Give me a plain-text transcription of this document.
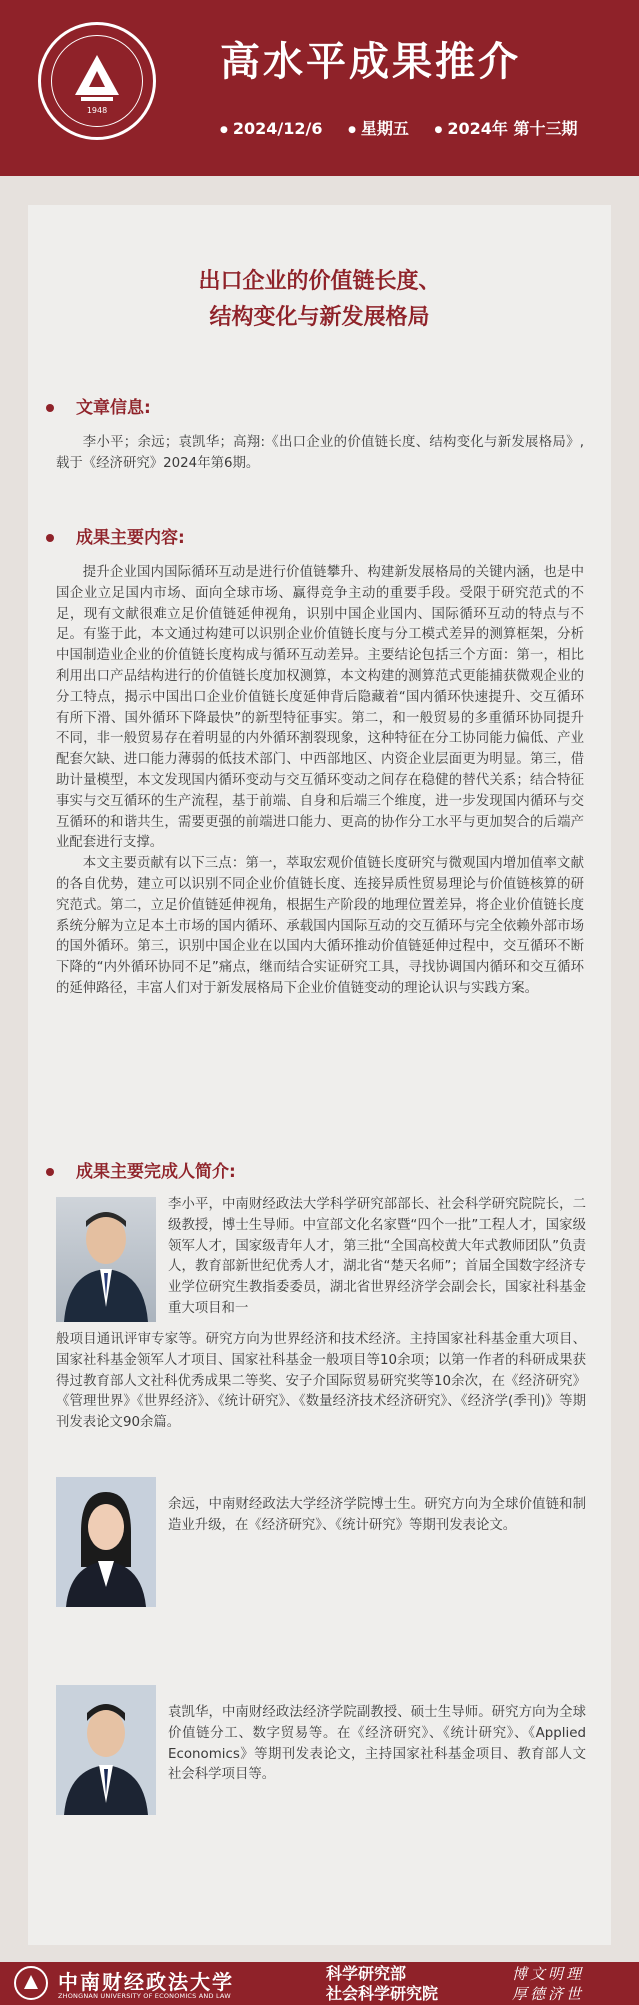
1948
高水平成果推介
● 2024/12/6 ● 星期五 ● 2024年 第十三期
出口企业的价值链长度、
结构变化与新发展格局
文章信息:

李小平；余远；袁凯华；高翔:《出口企业的价值链长度、结构变化与新发展格局》,载于《经济研究》2024年第6期。

成果主要内容:

提升企业国内国际循环互动是进行价值链攀升、构建新发展格局的关键内涵，也是中国企业立足国内市场、面向全球市场、赢得竞争主动的重要手段。受限于研究范式的不足，现有文献很难立足价值链延伸视角，识别中国企业国内、国际循环互动的特点与不足。有鉴于此，本文通过构建可以识别企业价值链长度与分工模式差异的测算框架，分析中国制造业企业的价值链长度构成与循环互动差异。主要结论包括三个方面：第一，相比利用出口产品结构进行的价值链长度加权测算，本文构建的测算范式更能捕获微观企业的分工特点，揭示中国出口企业价值链长度延伸背后隐藏着“国内循环快速提升、交互循环有所下滑、国外循环下降最快”的新型特征事实。第二，和一般贸易的多重循环协同提升不同，非一般贸易存在着明显的内外循环割裂现象，这种特征在分工协同能力偏低、产业配套欠缺、进口能力薄弱的低技术部门、中西部地区、内资企业层面更为明显。第三，借助计量模型，本文发现国内循环变动与交互循环变动之间存在稳健的替代关系；结合特征事实与交互循环的生产流程，基于前端、自身和后端三个维度，进一步发现国内循环与交互循环的和谐共生，需要更强的前端进口能力、更高的协作分工水平与更加契合的后端产业配套进行支撑。

本文主要贡献有以下三点：第一，萃取宏观价值链长度研究与微观国内增加值率文献的各自优势，建立可以识别不同企业价值链长度、连接异质性贸易理论与价值链核算的研究范式。第二，立足价值链延伸视角，根据生产阶段的地理位置差异，将企业价值链长度系统分解为立足本土市场的国内循环、承载国内国际互动的交互循环与完全依赖外部市场的国外循环。第三，识别中国企业在以国内大循环推动价值链延伸过程中，交互循环不断下降的“内外循环协同不足”痛点，继而结合实证研究工具，寻找协调国内循环和交互循环的延伸路径，丰富人们对于新发展格局下企业价值链变动的理论认识与实践方案。

成果主要完成人简介:
李小平，中南财经政法大学科学研究部部长、社会科学研究院院长，二级教授，博士生导师。中宣部文化名家暨“四个一批”工程人才，国家级领军人才，国家级青年人才，第三批“全国高校黄大年式教师团队”负责人，教育部新世纪优秀人才，湖北省“楚天名师”；首届全国数字经济专业学位研究生教指委委员，湖北省世界经济学会副会长，国家社科基金重大项目和一
般项目通讯评审专家等。研究方向为世界经济和技术经济。主持国家社科基金重大项目、国家社科基金领军人才项目、国家社科基金一般项目等10余项；以第一作者的科研成果获得过教育部人文社科优秀成果二等奖、安子介国际贸易研究奖等10余次，在《经济研究》《管理世界》《世界经济》、《统计研究》、《数量经济技术经济研究》、《经济学(季刊)》等期刊发表论文90余篇。
余远，中南财经政法大学经济学院博士生。研究方向为全球价值链和制造业升级，在《经济研究》、《统计研究》等期刊发表论文。
袁凯华，中南财经政法经济学院副教授、硕士生导师。研究方向为全球价值链分工、数字贸易等。在《经济研究》、《统计研究》、《Applied Economics》等期刊发表论文，主持国家社科基金项目、教育部人文社会科学项目等。
中南财经政法大学
ZHONGNAN UNIVERSITY OF ECONOMICS AND LAW
科学研究部
社会科学研究院
博文明理
厚德济世
